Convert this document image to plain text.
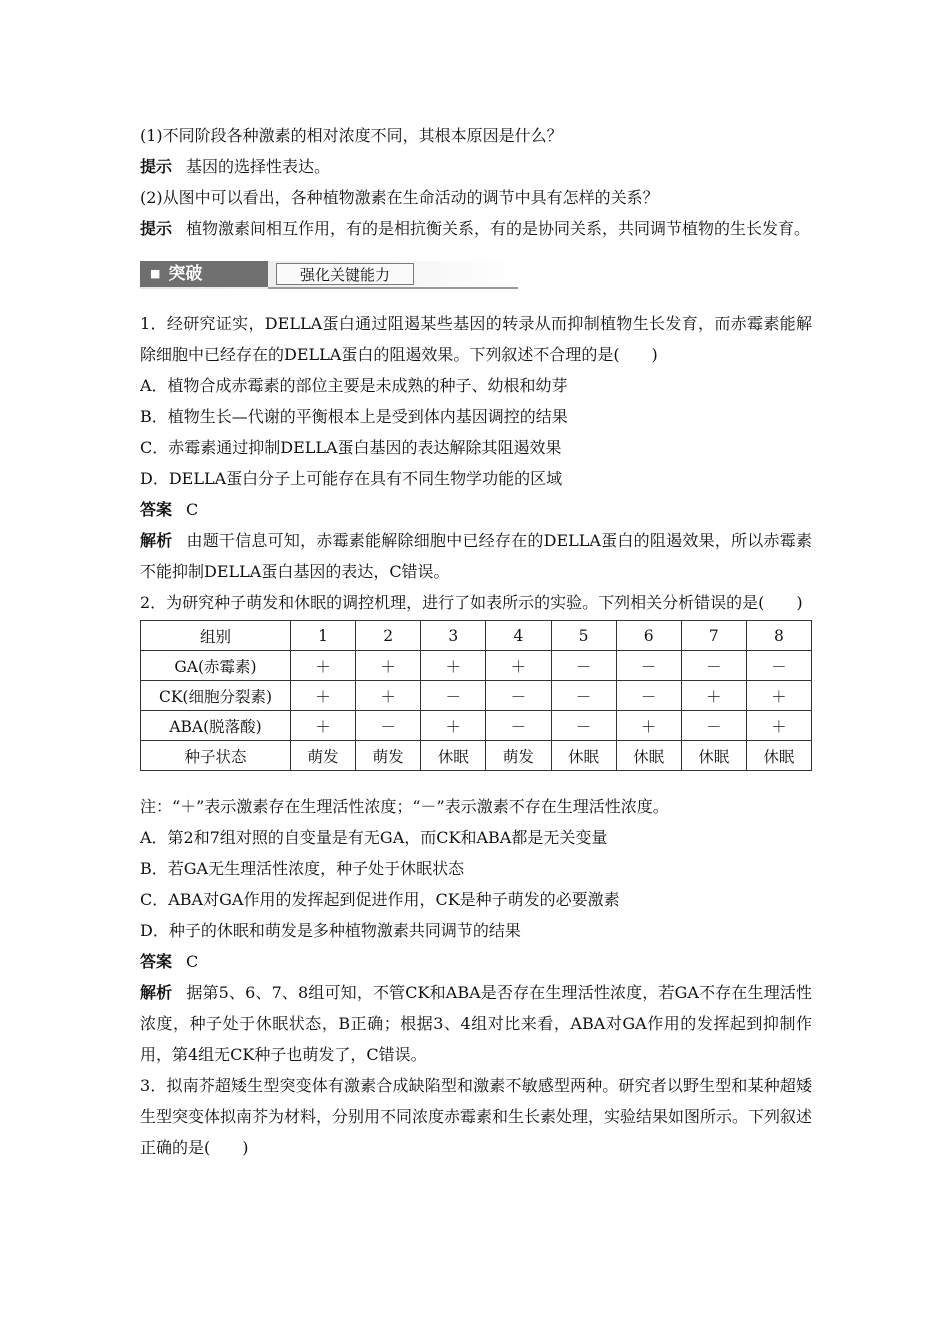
(1)不同阶段各种激素的相对浓度不同，其根本原因是什么？
提示 基因的选择性表达。
(2)从图中可以看出，各种植物激素在生命活动的调节中具有怎样的关系？
提示 植物激素间相互作用，有的是相抗衡关系，有的是协同关系，共同调节植物的生长发育。
■ 突破	强化关键能力
1．经研究证实，DELLA蛋白通过阻遏某些基因的转录从而抑制植物生长发育，而赤霉素能解除细胞中已经存在的DELLA蛋白的阻遏效果。下列叙述不合理的是(　　)
A．植物合成赤霉素的部位主要是未成熟的种子、幼根和幼芽
B．植物生长—代谢的平衡根本上是受到体内基因调控的结果
C．赤霉素通过抑制DELLA蛋白基因的表达解除其阻遏效果
D．DELLA蛋白分子上可能存在具有不同生物学功能的区域
答案 C
解析 由题干信息可知，赤霉素能解除细胞中已经存在的DELLA蛋白的阻遏效果，所以赤霉素不能抑制DELLA蛋白基因的表达，C错误。
2．为研究种子萌发和休眠的调控机理，进行了如表所示的实验。下列相关分析错误的是(　　)
组别	1	2	3	4	5	6	7	8
GA(赤霉素)	＋	＋	＋	＋	－	－	－	－
CK(细胞分裂素)	＋	＋	－	－	－	－	＋	＋
ABA(脱落酸)	＋	－	＋	－	－	＋	－	＋
种子状态	萌发	萌发	休眠	萌发	休眠	休眠	休眠	休眠
注：“＋”表示激素存在生理活性浓度；“－”表示激素不存在生理活性浓度。
A．第2和7组对照的自变量是有无GA，而CK和ABA都是无关变量
B．若GA无生理活性浓度，种子处于休眠状态
C．ABA对GA作用的发挥起到促进作用，CK是种子萌发的必要激素
D．种子的休眠和萌发是多种植物激素共同调节的结果
答案 C
解析 据第5、6、7、8组可知，不管CK和ABA是否存在生理活性浓度，若GA不存在生理活性浓度，种子处于休眠状态，B正确；根据3、4组对比来看，ABA对GA作用的发挥起到抑制作用，第4组无CK种子也萌发了，C错误。
3．拟南芥超矮生型突变体有激素合成缺陷型和激素不敏感型两种。研究者以野生型和某种超矮生型突变体拟南芥为材料，分别用不同浓度赤霉素和生长素处理，实验结果如图所示。下列叙述正确的是(　　)
